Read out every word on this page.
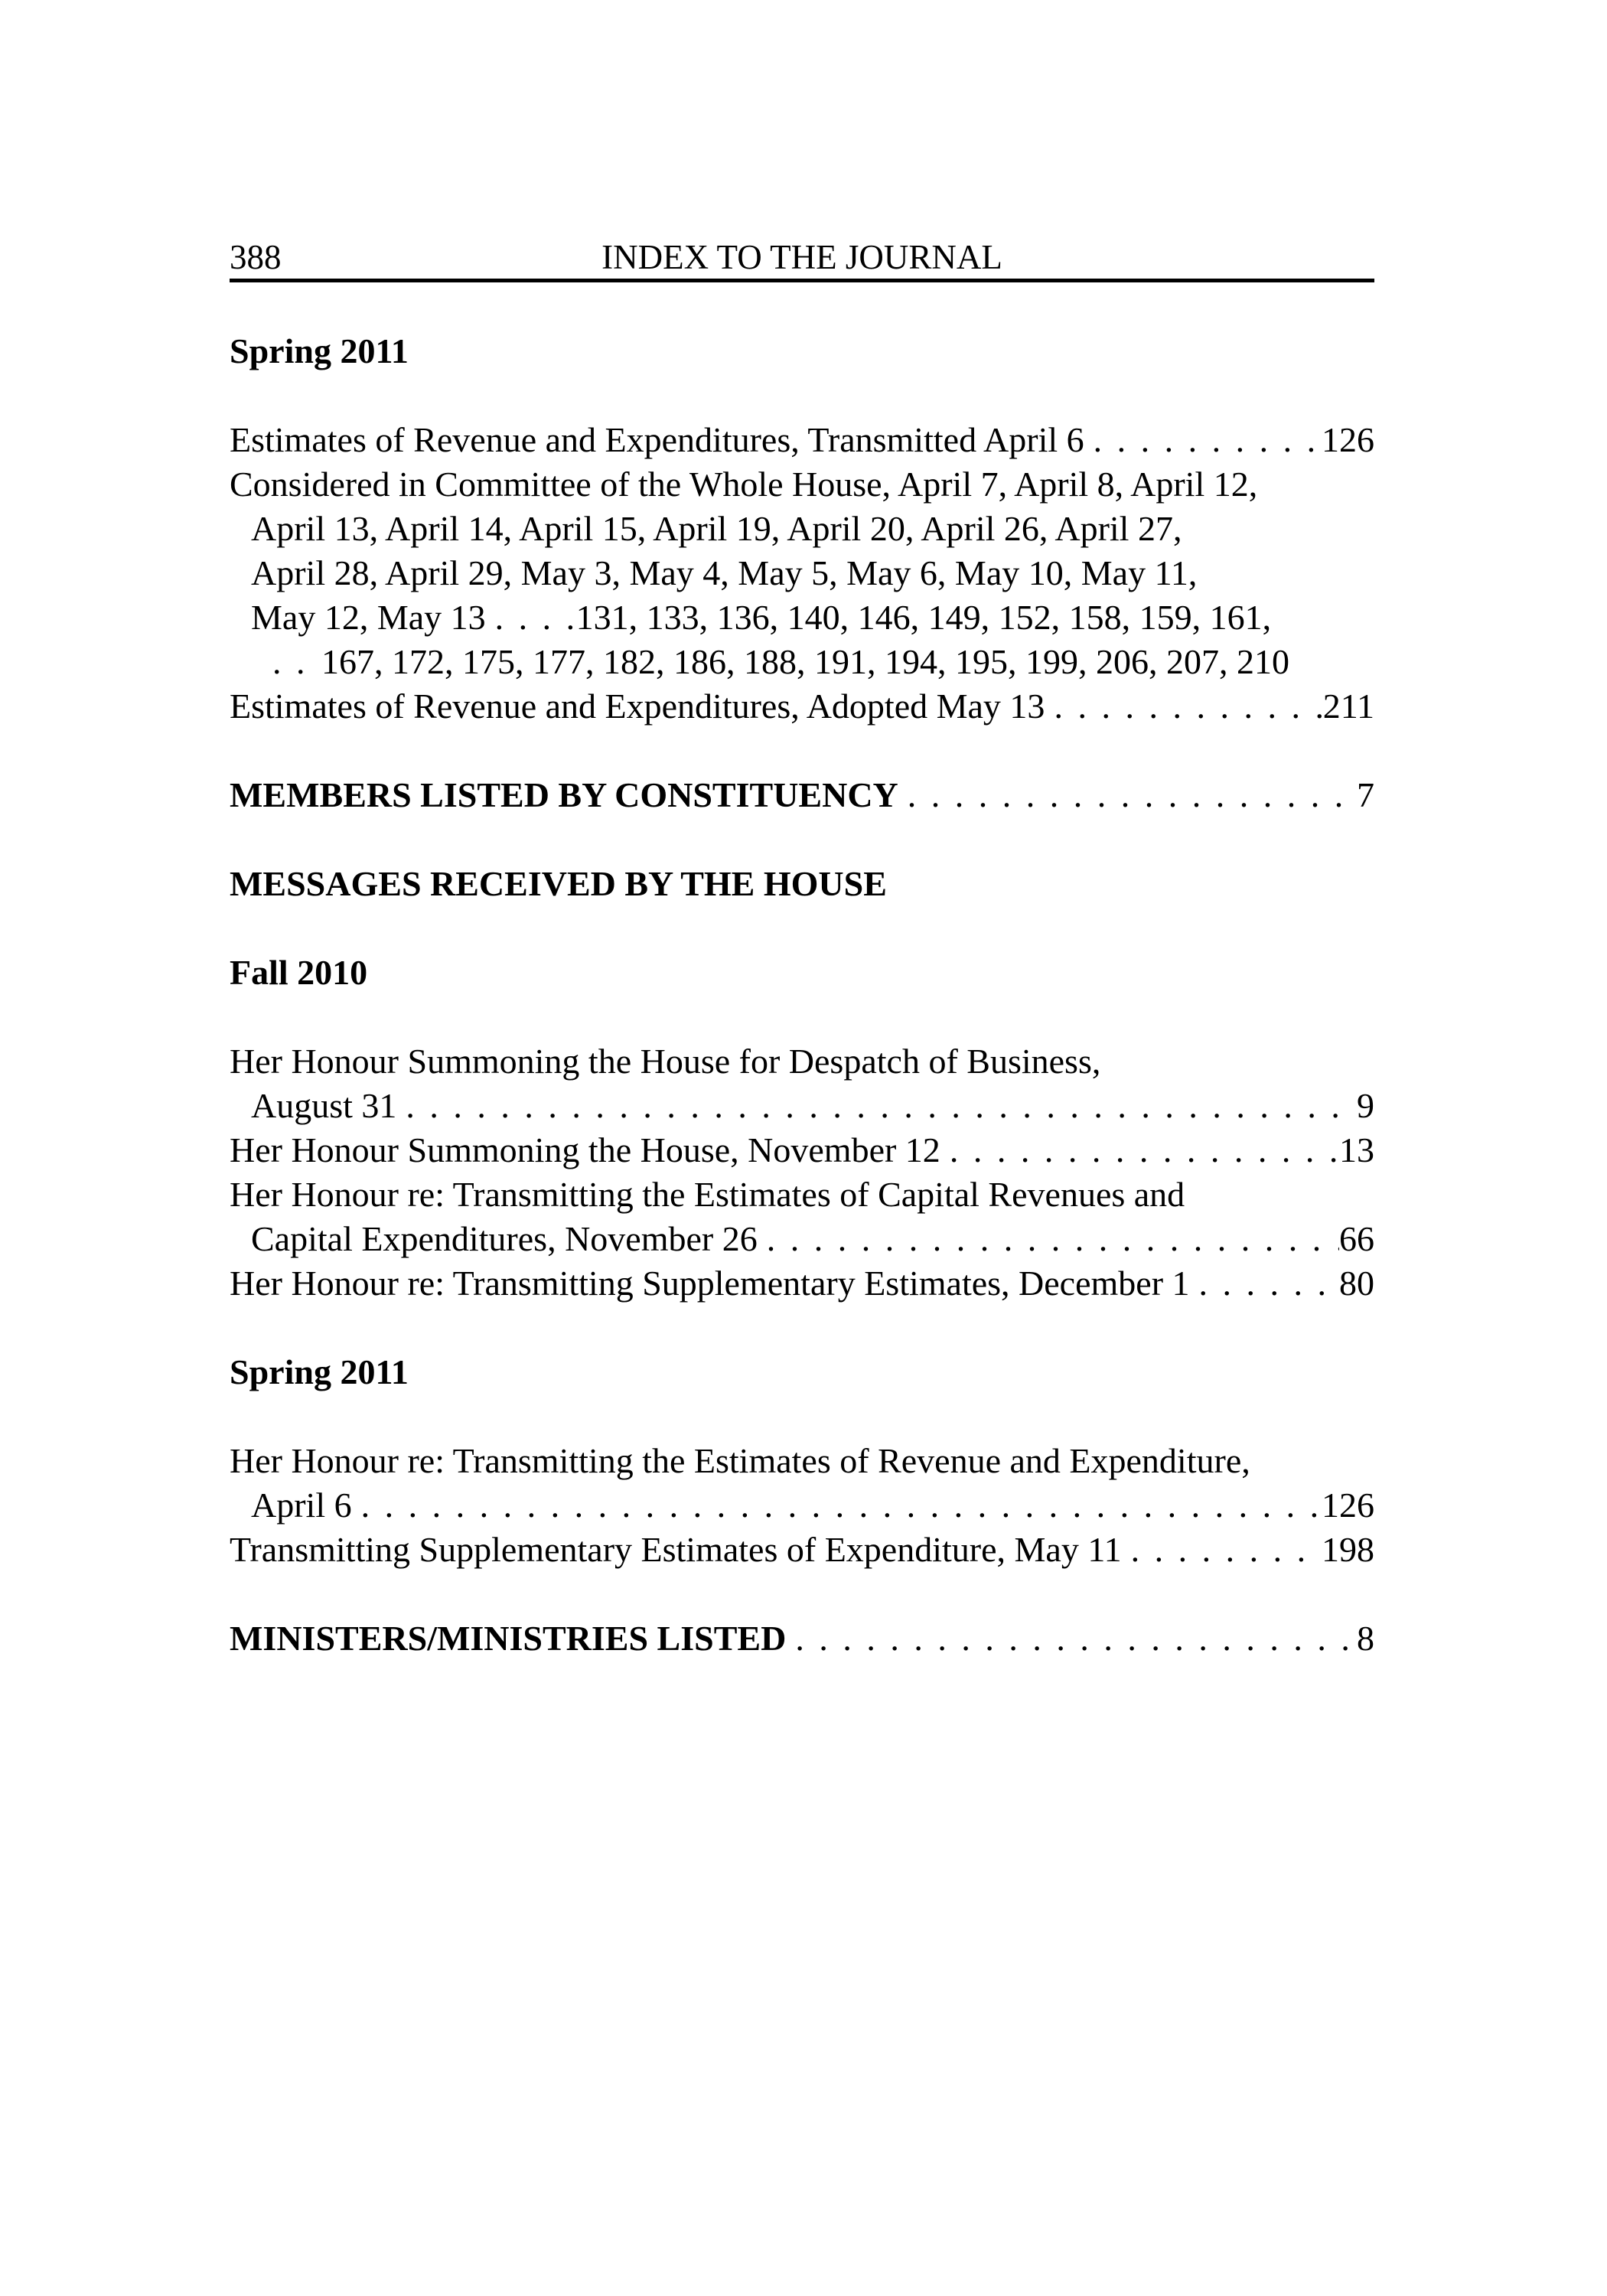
388	INDEX TO THE JOURNAL
Spring 2011
Estimates of Revenue and Expenditures, Transmitted April 6 . . .	126
Considered in Committee of the Whole House, April 7, April 8, April 12,
April 13, April 14, April 15, April 19, April 20, April 26, April 27,
April 28, April 29, May 3, May 4, May 5, May 6, May 10, May 11,
May 12, May 13 . . .	131, 133, 136, 140, 146, 149, 152, 158, 159, 161,
. . .
167, 172, 175, 177, 182, 186, 188, 191, 194, 195, 199, 206, 207, 210
Estimates of Revenue and Expenditures, Adopted May 13 . . .	211
MEMBERS LISTED BY CONSTITUENCY . . .	7
MESSAGES RECEIVED BY THE HOUSE
Fall 2010
Her Honour Summoning the House for Despatch of Business,
August 31 . . .	9
Her Honour Summoning the House, November 12 . . .	13
Her Honour re: Transmitting the Estimates of Capital Revenues and
Capital Expenditures, November 26 . . .	66
Her Honour re: Transmitting Supplementary Estimates, December 1 . . .	80
Spring 2011
Her Honour re: Transmitting the Estimates of Revenue and Expenditure,
April 6 . . .	126
Transmitting Supplementary Estimates of Expenditure, May 11 . . .	198
MINISTERS/MINISTRIES LISTED . . .	8
